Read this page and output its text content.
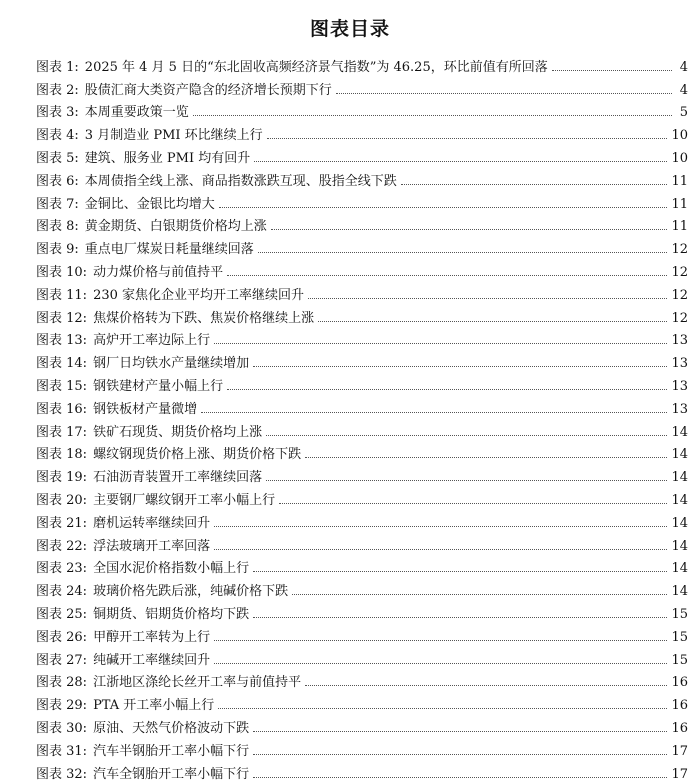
图表目录
图表 1: 2025 年 4 月 5 日的“东北固收高频经济景气指数”为 46.25，环比前值有所回落	4
图表 2: 股债汇商大类资产隐含的经济增长预期下行	4
图表 3: 本周重要政策一览	5
图表 4: 3 月制造业 PMI 环比继续上行	10
图表 5: 建筑、服务业 PMI 均有回升	10
图表 6: 本周债指全线上涨、商品指数涨跌互现、股指全线下跌	11
图表 7: 金铜比、金银比均增大	11
图表 8: 黄金期货、白银期货价格均上涨	11
图表 9: 重点电厂煤炭日耗量继续回落	12
图表 10: 动力煤价格与前值持平	12
图表 11: 230 家焦化企业平均开工率继续回升	12
图表 12: 焦煤价格转为下跌、焦炭价格继续上涨	12
图表 13: 高炉开工率边际上行	13
图表 14: 钢厂日均铁水产量继续增加	13
图表 15: 钢铁建材产量小幅上行	13
图表 16: 钢铁板材产量微增	13
图表 17: 铁矿石现货、期货价格均上涨	14
图表 18: 螺纹钢现货价格上涨、期货价格下跌	14
图表 19: 石油沥青装置开工率继续回落	14
图表 20: 主要钢厂螺纹钢开工率小幅上行	14
图表 21: 磨机运转率继续回升	14
图表 22: 浮法玻璃开工率回落	14
图表 23: 全国水泥价格指数小幅上行	14
图表 24: 玻璃价格先跌后涨，纯碱价格下跌	14
图表 25: 铜期货、铝期货价格均下跌	15
图表 26: 甲醇开工率转为上行	15
图表 27: 纯碱开工率继续回升	15
图表 28: 江浙地区涤纶长丝开工率与前值持平	16
图表 29: PTA 开工率小幅上行	16
图表 30: 原油、天然气价格波动下跌	16
图表 31: 汽车半钢胎开工率小幅下行	17
图表 32: 汽车全钢胎开工率小幅下行	17
